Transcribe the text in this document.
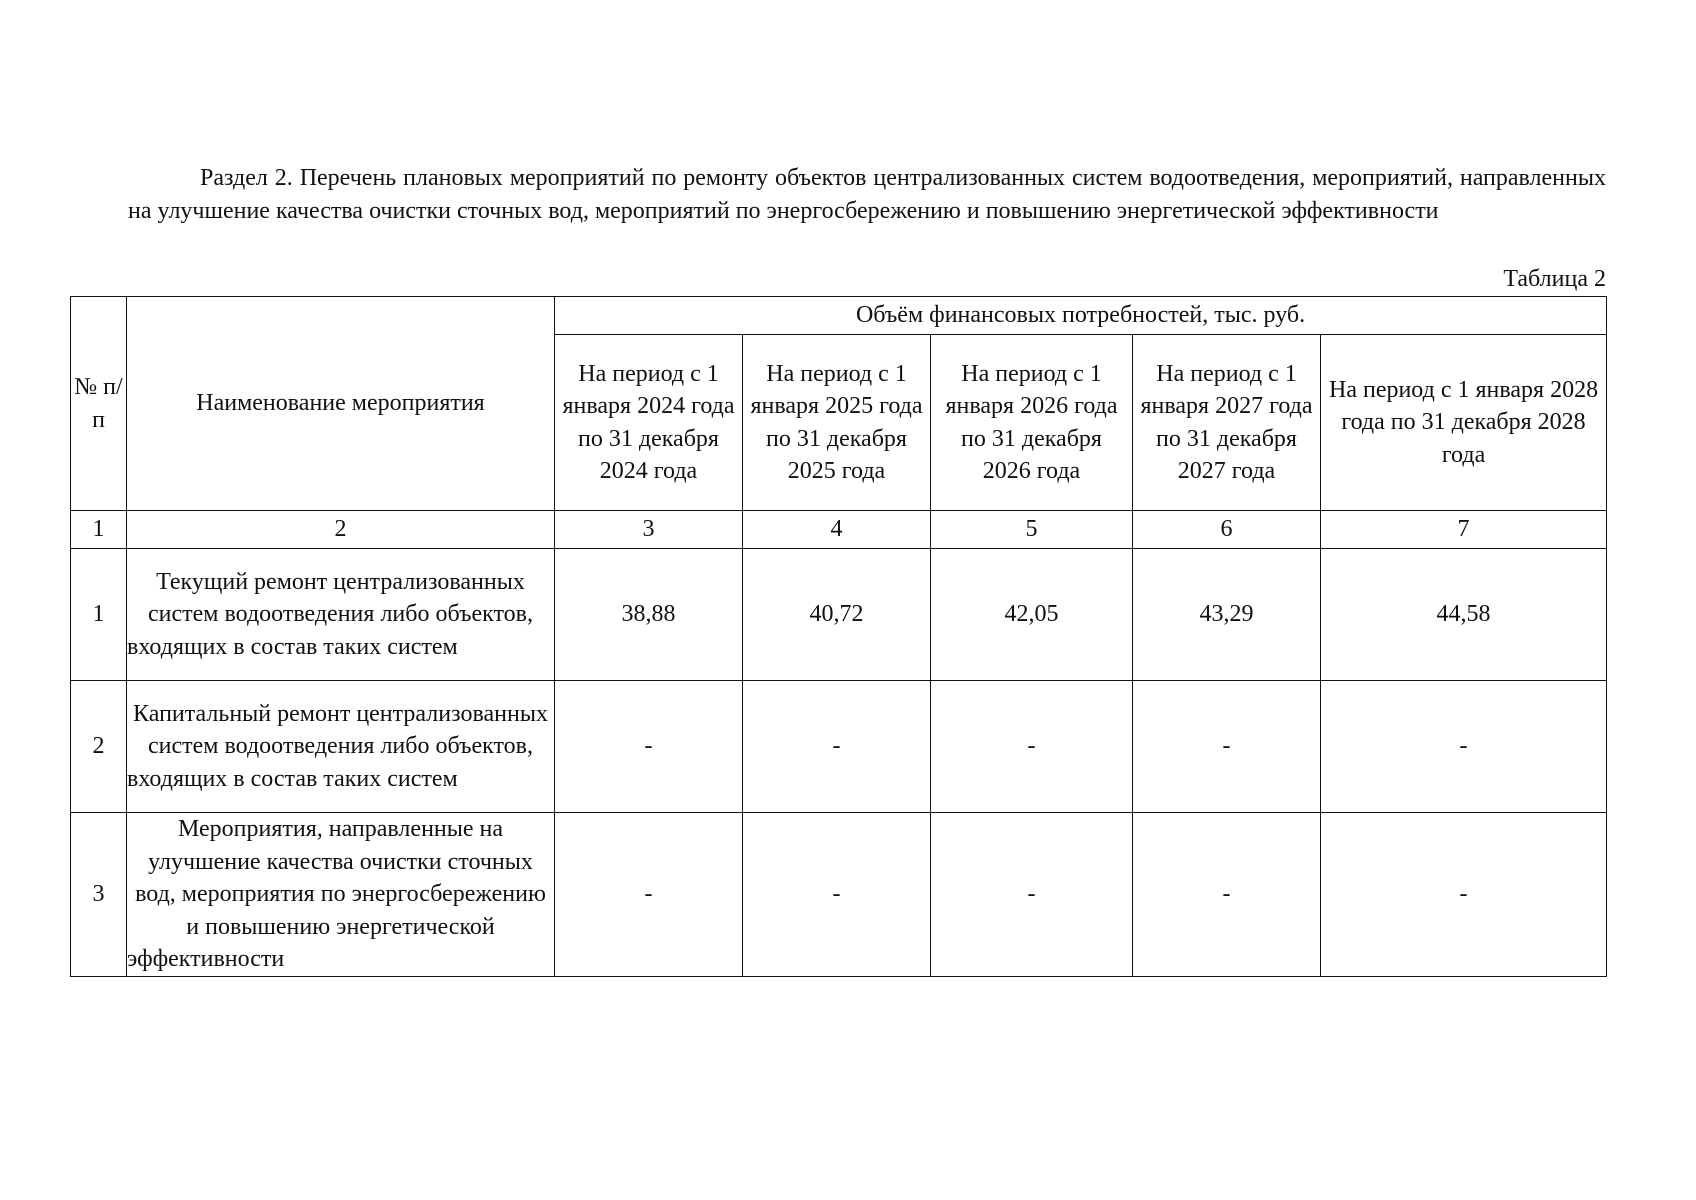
Раздел 2. Перечень плановых мероприятий по ремонту объектов централизованных систем водоотведения, мероприятий, направленных на улучшение качества очистки сточных вод, мероприятий по энергосбережению и повышению энергетической эффективности
Таблица 2
№ п/п	Наименование мероприятия	Объём финансовых потребностей, тыс. руб.				

		На период с 1 января 2024 года по 31 декабря 2024 года	На период с 1 января 2025 года по 31 декабря 2025 года	На период с 1 января 2026 года по 31 декабря 2026 года	На период с 1 января 2027 года по 31 декабря 2027 года	На период с 1 января 2028 года по 31 декабря 2028 года

1	2	3	4	5	6	7
1	Текущий ремонт централизованных систем водоотведения либо объектов, входящих в состав таких систем	38,88	40,72	42,05	43,29	44,58
2	Капитальный ремонт централизованных систем водоотведения либо объектов, входящих в состав таких систем	-	-	-	-	-
3	Мероприятия, направленные на улучшение качества очистки сточных вод, мероприятия по энергосбережению и повышению энергетической эффективности	-	-	-	-	-
